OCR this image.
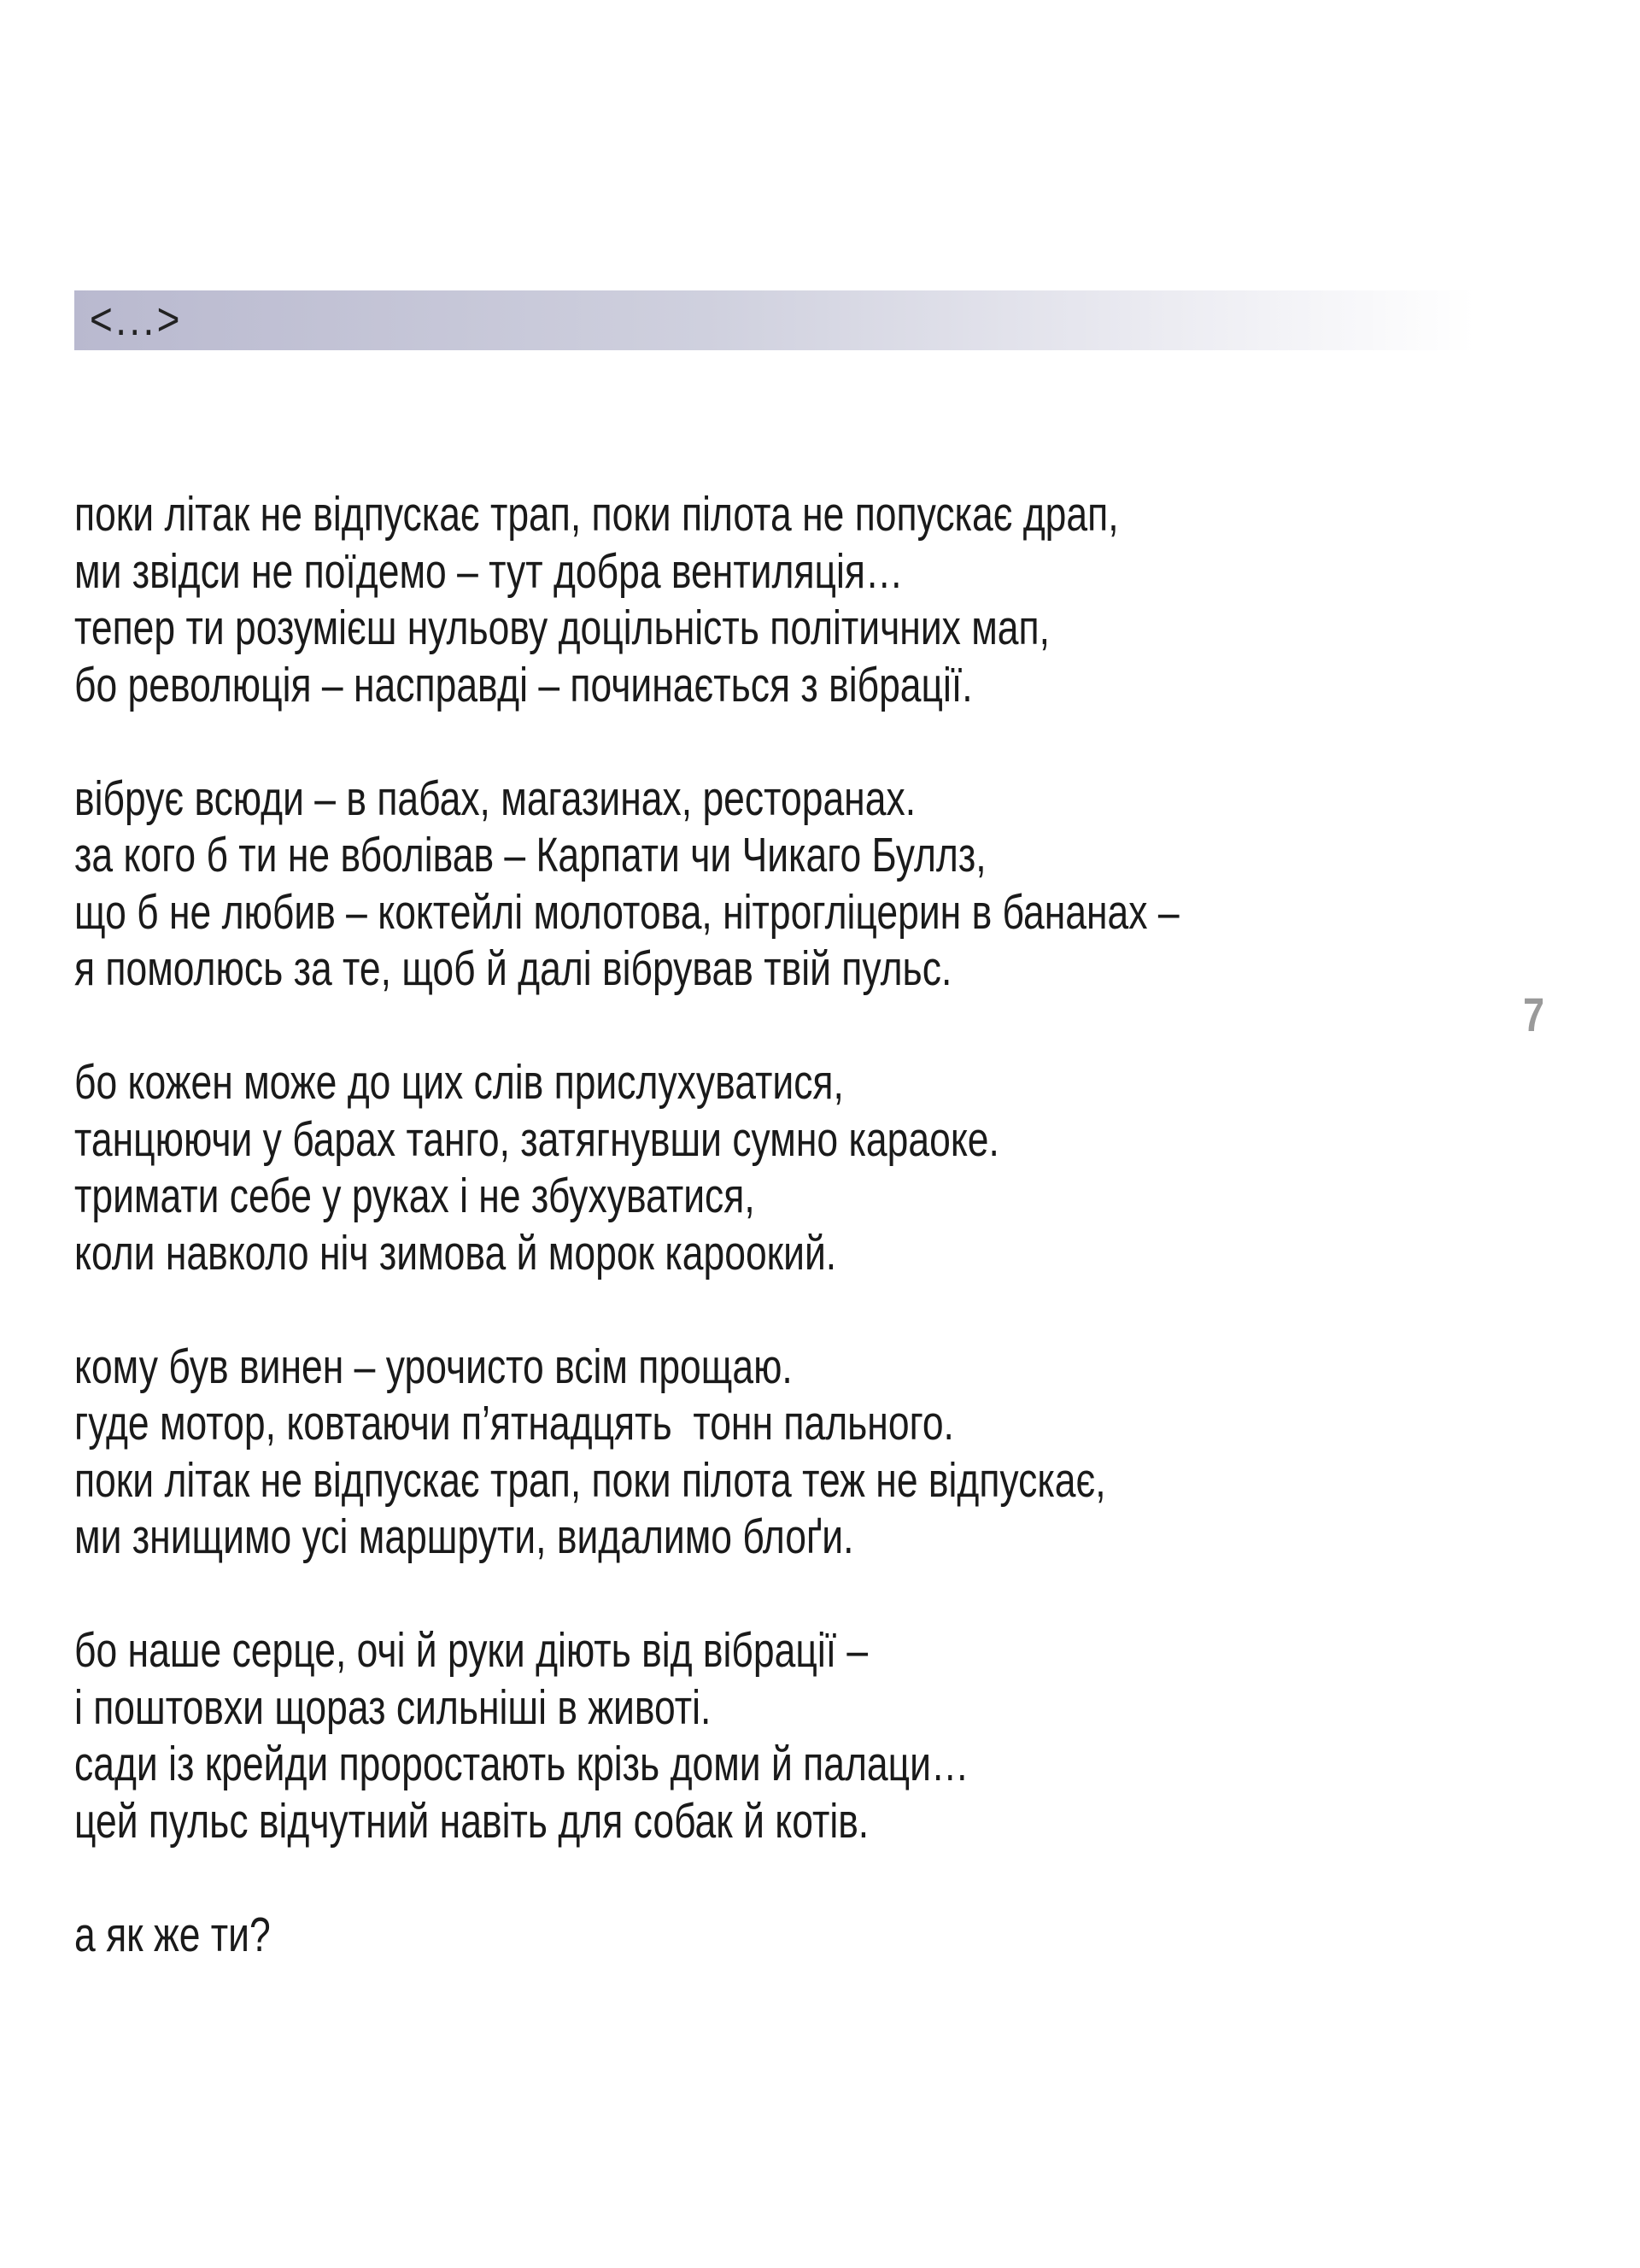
<...>
поки літак не відпускає трап, поки пілота не попускає драп,
ми звідси не поїдемо – тут добра вентиляція…
тепер ти розумієш нульову доцільність політичних мап,
бо революція – насправді – починається з вібрації.
вібрує всюди – в пабах, магазинах, ресторанах.
за кого б ти не вболівав – Карпати чи Чикаго Буллз,
що б не любив – коктейлі молотова, нітрогліцерин в бананах –
я помолюсь за те, щоб й далі вібрував твій пульс.
бо кожен може до цих слів прислухуватися,
танцюючи у барах танго, затягнувши сумно караоке.
тримати себе у руках і не збухуватися,
коли навколо ніч зимова й морок кароокий.
кому був винен – урочисто всім прощаю.
гуде мотор, ковтаючи п’ятнадцять  тонн пального.
поки літак не відпускає трап, поки пілота теж не відпускає,
ми знищимо усі маршрути, видалимо блоґи.
бо наше серце, очі й руки діють від вібрації –
і поштовхи щораз сильніші в животі.
сади із крейди проростають крізь доми й палаци…
цей пульс відчутний навіть для собак й котів.
а як же ти?
7
